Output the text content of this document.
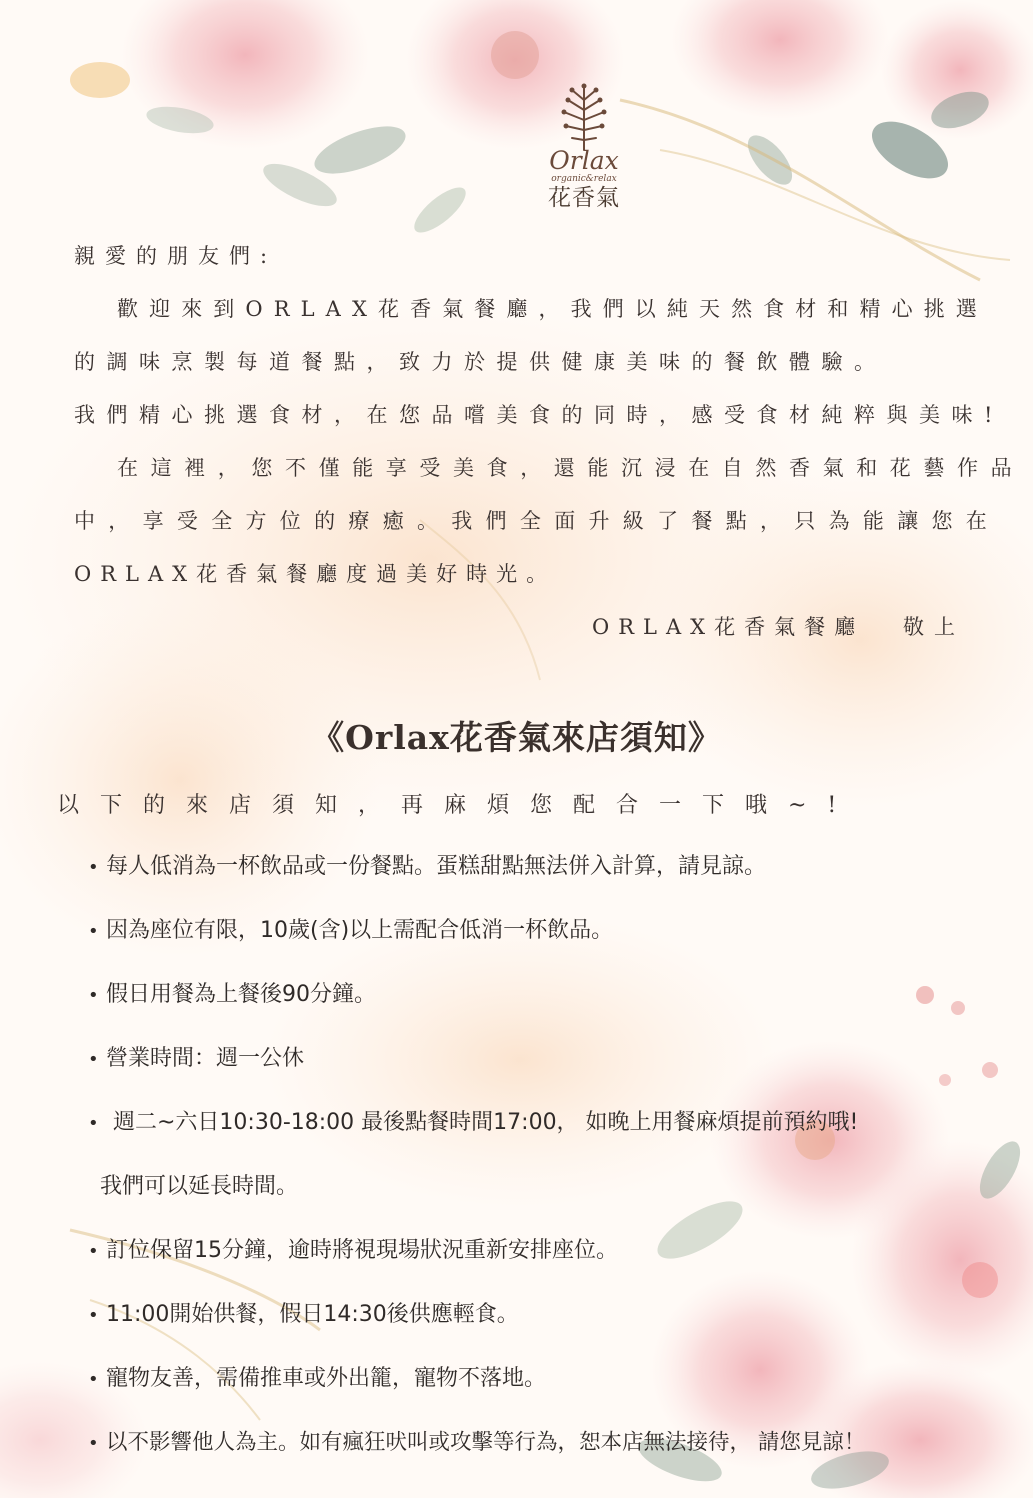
Orlax
organic&relax
花香氣

親愛的朋友們:

歡迎來到ORLAX花香氣餐廳，我們以純天然食材和精心挑選

的調味烹製每道餐點，致力於提供健康美味的餐飲體驗。

我們精心挑選食材，在您品嚐美食的同時，感受食材純粹與美味!

在這裡，您不僅能享受美食，還能沉浸在自然香氣和花藝作品

中，享受全方位的療癒。我們全面升級了餐點，只為能讓您在

ORLAX花香氣餐廳度過美好時光。

ORLAX花香氣餐廳 敬上

《Orlax花香氣來店須知》

以下的來店須知，再麻煩您配合一下哦~!

• 每人低消為一杯飲品或一份餐點。蛋糕甜點無法併入計算，請見諒。

• 因為座位有限，10歲(含)以上需配合低消一杯飲品。

• 假日用餐為上餐後90分鐘。

• 營業時間：週一公休

• 週二~六日10:30-18:00 最後點餐時間17:00， 如晚上用餐麻煩提前預約哦!

我們可以延長時間。

• 訂位保留15分鐘，逾時將視現場狀況重新安排座位。

• 11:00開始供餐，假日14:30後供應輕食。

• 寵物友善，需備推車或外出籠，寵物不落地。

• 以不影響他人為主。如有瘋狂吠叫或攻擊等行為，恕本店無法接待， 請您見諒！
